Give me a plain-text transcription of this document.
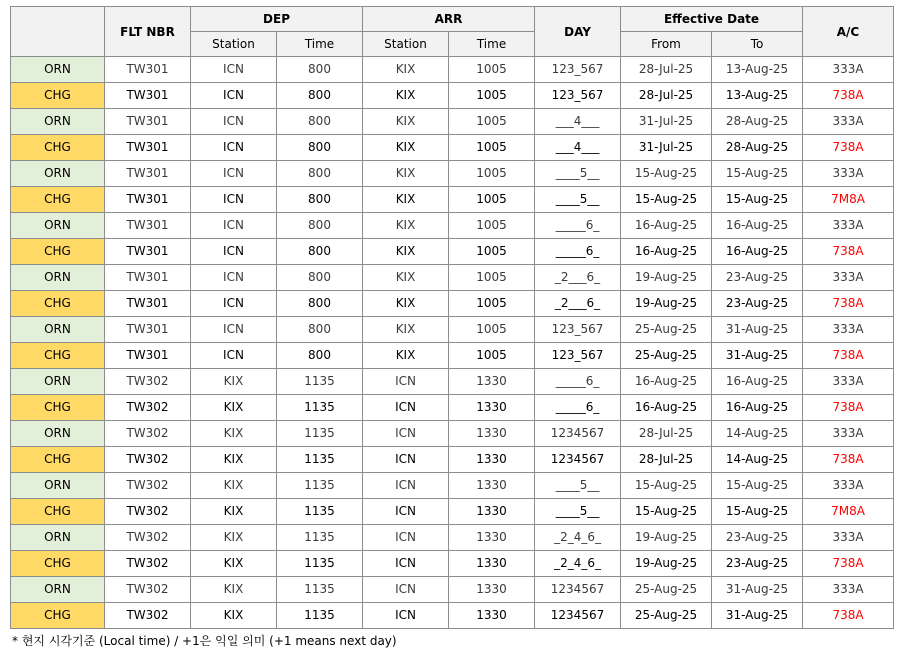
	FLT NBR	DEP		ARR		DAY	Effective Date		A/C
		Station	Time	Station	Time		From	To	
ORN	TW301	ICN	800	KIX	1005	123_567	28-Jul-25	13-Aug-25	333A
CHG	TW301	ICN	800	KIX	1005	123_567	28-Jul-25	13-Aug-25	738A
ORN	TW301	ICN	800	KIX	1005	___4___	31-Jul-25	28-Aug-25	333A
CHG	TW301	ICN	800	KIX	1005	___4___	31-Jul-25	28-Aug-25	738A
ORN	TW301	ICN	800	KIX	1005	____5__	15-Aug-25	15-Aug-25	333A
CHG	TW301	ICN	800	KIX	1005	____5__	15-Aug-25	15-Aug-25	7M8A
ORN	TW301	ICN	800	KIX	1005	_____6_	16-Aug-25	16-Aug-25	333A
CHG	TW301	ICN	800	KIX	1005	_____6_	16-Aug-25	16-Aug-25	738A
ORN	TW301	ICN	800	KIX	1005	_2___6_	19-Aug-25	23-Aug-25	333A
CHG	TW301	ICN	800	KIX	1005	_2___6_	19-Aug-25	23-Aug-25	738A
ORN	TW301	ICN	800	KIX	1005	123_567	25-Aug-25	31-Aug-25	333A
CHG	TW301	ICN	800	KIX	1005	123_567	25-Aug-25	31-Aug-25	738A
ORN	TW302	KIX	1135	ICN	1330	_____6_	16-Aug-25	16-Aug-25	333A
CHG	TW302	KIX	1135	ICN	1330	_____6_	16-Aug-25	16-Aug-25	738A
ORN	TW302	KIX	1135	ICN	1330	1234567	28-Jul-25	14-Aug-25	333A
CHG	TW302	KIX	1135	ICN	1330	1234567	28-Jul-25	14-Aug-25	738A
ORN	TW302	KIX	1135	ICN	1330	____5__	15-Aug-25	15-Aug-25	333A
CHG	TW302	KIX	1135	ICN	1330	____5__	15-Aug-25	15-Aug-25	7M8A
ORN	TW302	KIX	1135	ICN	1330	_2_4_6_	19-Aug-25	23-Aug-25	333A
CHG	TW302	KIX	1135	ICN	1330	_2_4_6_	19-Aug-25	23-Aug-25	738A
ORN	TW302	KIX	1135	ICN	1330	1234567	25-Aug-25	31-Aug-25	333A
CHG	TW302	KIX	1135	ICN	1330	1234567	25-Aug-25	31-Aug-25	738A
* 현지 시각기준 (Local time) / +1은 익일 의미 (+1 means next day)
